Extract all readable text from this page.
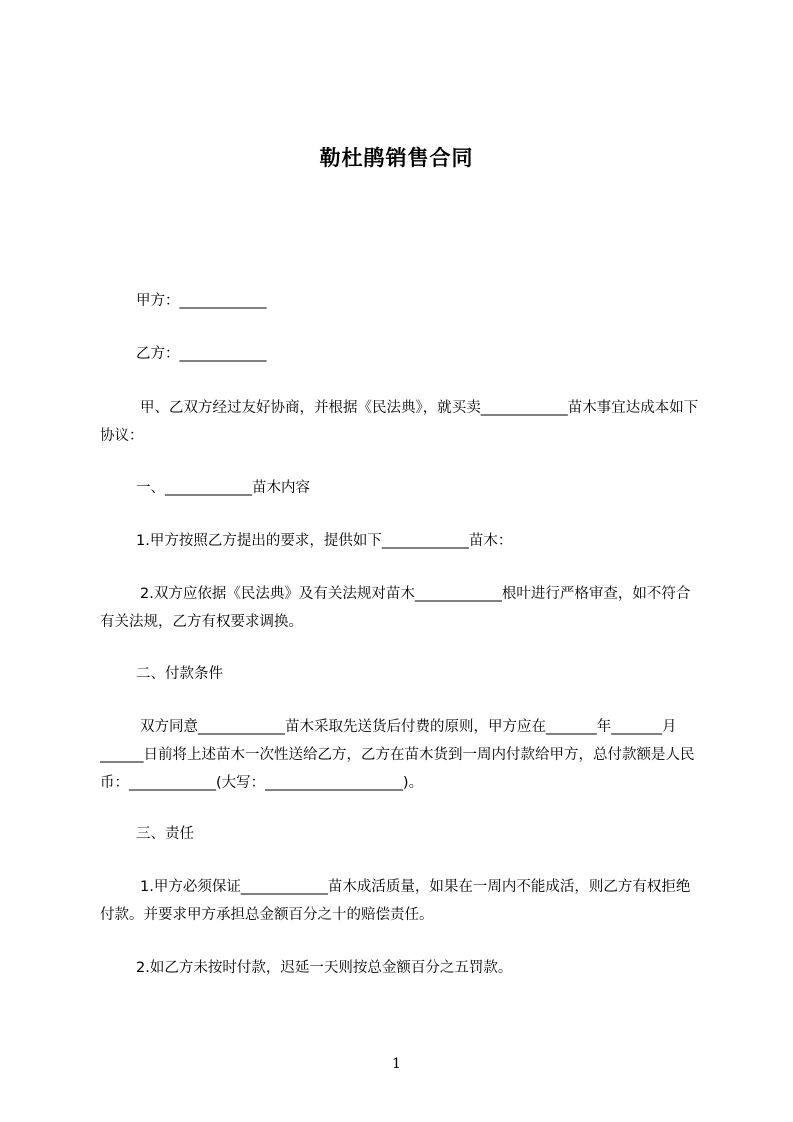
勒杜鹃销售合同

甲方：____________

乙方：____________

甲、乙双方经过友好协商，并根据《民法典》，就买卖____________苗木事宜达成本如下协议：

一、____________苗木内容

1.甲方按照乙方提出的要求，提供如下____________苗木：

2.双方应依据《民法典》及有关法规对苗木____________根叶进行严格审查，如不符合有关法规，乙方有权要求调换。

二、付款条件

双方同意____________苗木采取先送货后付费的原则，甲方应在_______年_______月______日前将上述苗木一次性送给乙方，乙方在苗木货到一周内付款给甲方，总付款额是人民币：____________(大写：___________________)。

三、责任

1.甲方必须保证____________苗木成活质量，如果在一周内不能成活，则乙方有权拒绝付款。并要求甲方承担总金额百分之十的赔偿责任。

2.如乙方未按时付款，迟延一天则按总金额百分之五罚款。

1
